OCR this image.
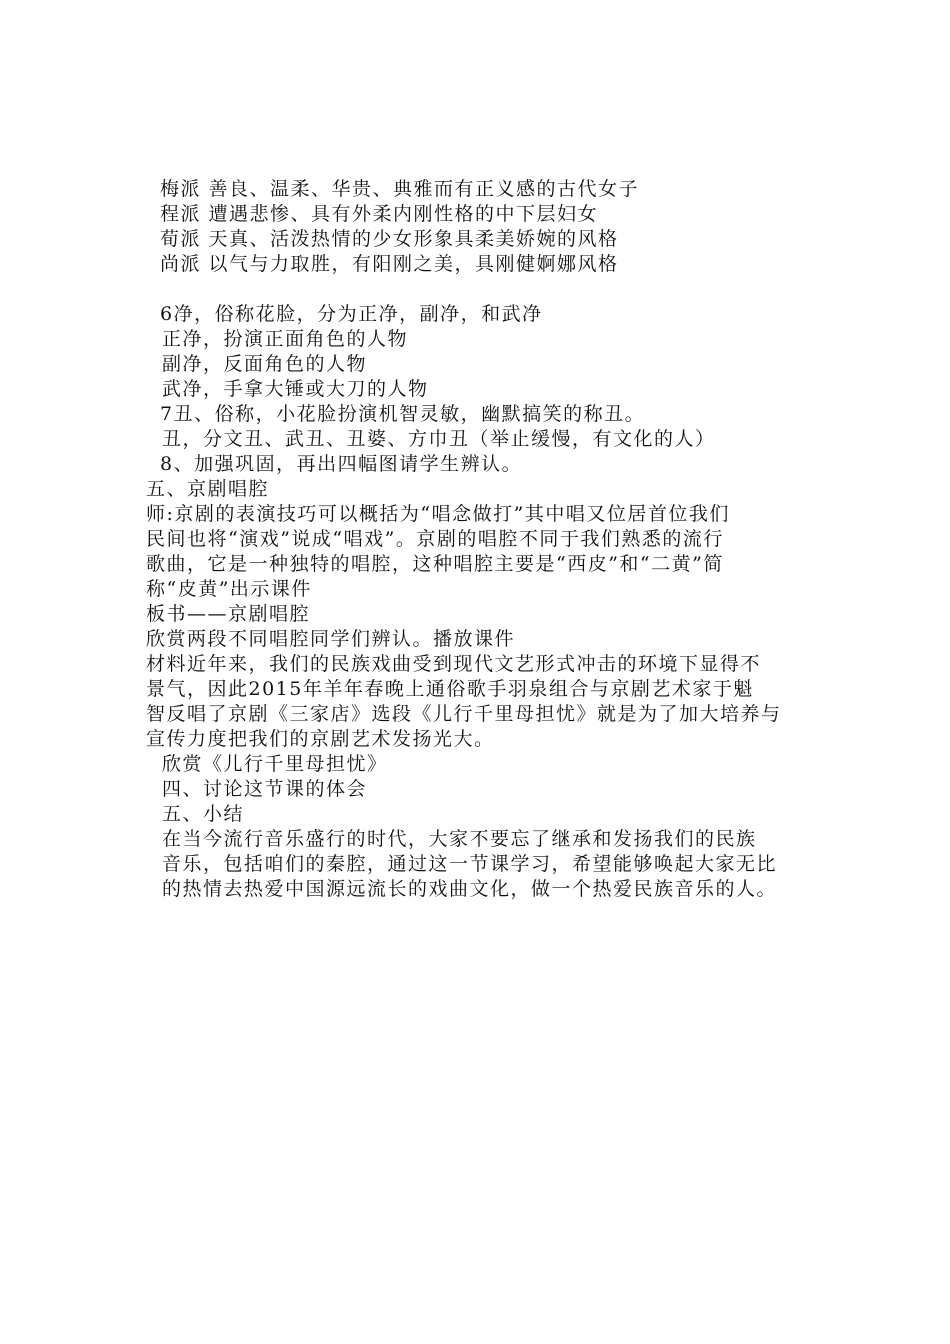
梅派 善良、温柔、华贵、典雅而有正义感的古代女子
程派 遭遇悲惨、具有外柔内刚性格的中下层妇女
荀派 天真、活泼热情的少女形象具柔美娇婉的风格
尚派 以气与力取胜，有阳刚之美，具刚健婀娜风格
6净，俗称花脸，分为正净，副净，和武净
正净，扮演正面角色的人物
副净，反面角色的人物
武净，手拿大锤或大刀的人物
7丑、俗称，小花脸扮演机智灵敏，幽默搞笑的称丑。
丑，分文丑、武丑、丑婆、方巾丑（举止缓慢，有文化的人）
8、加强巩固，再出四幅图请学生辨认。
五、京剧唱腔
师:京剧的表演技巧可以概括为“唱念做打”其中唱又位居首位我们
民间也将“演戏”说成“唱戏”。京剧的唱腔不同于我们熟悉的流行
歌曲，它是一种独特的唱腔，这种唱腔主要是“西皮”和“二黄”简
称“皮黄”出示课件
板书——京剧唱腔
欣赏两段不同唱腔同学们辨认。播放课件
材料近年来，我们的民族戏曲受到现代文艺形式冲击的环境下显得不
景气，因此2015年羊年春晚上通俗歌手羽泉组合与京剧艺术家于魁
智反唱了京剧《三家店》选段《儿行千里母担忧》就是为了加大培养与
宣传力度把我们的京剧艺术发扬光大。
欣赏《儿行千里母担忧》
四、讨论这节课的体会
五、小结
在当今流行音乐盛行的时代，大家不要忘了继承和发扬我们的民族
音乐，包括咱们的秦腔，通过这一节课学习，希望能够唤起大家无比
的热情去热爱中国源远流长的戏曲文化，做一个热爱民族音乐的人。
